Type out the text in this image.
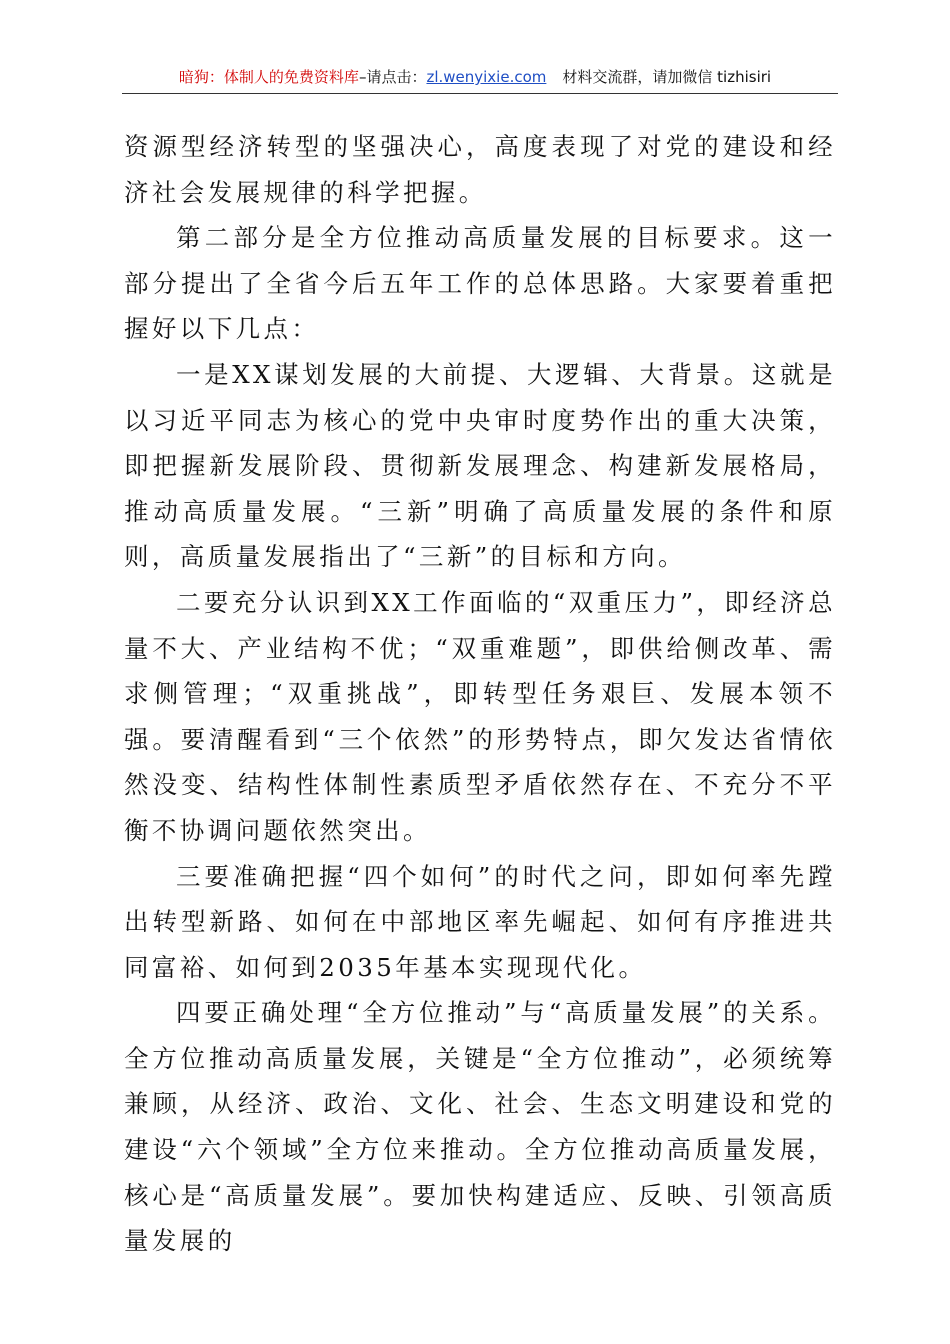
暗狗：体制人的免费资料库–请点击：zl.wenyixie.com 材料交流群，请加微信 tizhisiri

资源型经济转型的坚强决心，高度表现了对党的建设和经济社会发展规律的科学把握。

第二部分是全方位推动高质量发展的目标要求。这一部分提出了全省今后五年工作的总体思路。大家要着重把握好以下几点：

一是XX谋划发展的大前提、大逻辑、大背景。这就是以习近平同志为核心的党中央审时度势作出的重大决策，即把握新发展阶段、贯彻新发展理念、构建新发展格局，推动高质量发展。“三新”明确了高质量发展的条件和原则，高质量发展指出了“三新”的目标和方向。

二要充分认识到XX工作面临的“双重压力”，即经济总量不大、产业结构不优；“双重难题”，即供给侧改革、需求侧管理；“双重挑战”，即转型任务艰巨、发展本领不强。要清醒看到“三个依然”的形势特点，即欠发达省情依然没变、结构性体制性素质型矛盾依然存在、不充分不平衡不协调问题依然突出。

三要准确把握“四个如何”的时代之问，即如何率先蹚出转型新路、如何在中部地区率先崛起、如何有序推进共同富裕、如何到2035年基本实现现代化。

四要正确处理“全方位推动”与“高质量发展”的关系。全方位推动高质量发展，关键是“全方位推动”，必须统筹兼顾，从经济、政治、文化、社会、生态文明建设和党的建设“六个领域”全方位来推动。全方位推动高质量发展，核心是“高质量发展”。要加快构建适应、反映、引领高质量发展的
